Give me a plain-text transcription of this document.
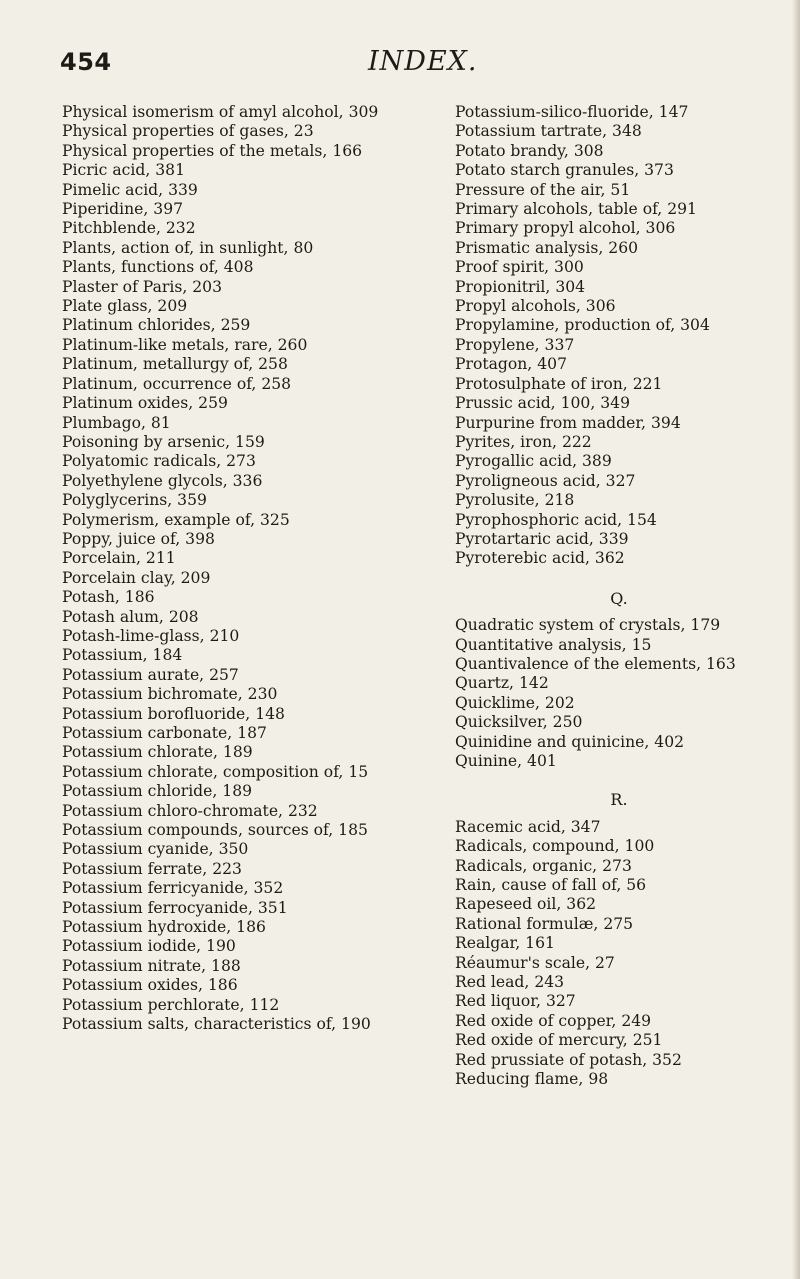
454	INDEX.
Physical isomerism of amyl alcohol, 309
Physical properties of gases, 23
Physical properties of the metals, 166
Picric acid, 381
Pimelic acid, 339
Piperidine, 397
Pitchblende, 232
Plants, action of, in sunlight, 80
Plants, functions of, 408
Plaster of Paris, 203
Plate glass, 209
Platinum chlorides, 259
Platinum-like metals, rare, 260
Platinum, metallurgy of, 258
Platinum, occurrence of, 258
Platinum oxides, 259
Plumbago, 81
Poisoning by arsenic, 159
Polyatomic radicals, 273
Polyethylene glycols, 336
Polyglycerins, 359
Polymerism, example of, 325
Poppy, juice of, 398
Porcelain, 211
Porcelain clay, 209
Potash, 186
Potash alum, 208
Potash-lime-glass, 210
Potassium, 184
Potassium aurate, 257
Potassium bichromate, 230
Potassium borofluoride, 148
Potassium carbonate, 187
Potassium chlorate, 189
Potassium chlorate, composition of, 15
Potassium chloride, 189
Potassium chloro-chromate, 232
Potassium compounds, sources of, 185
Potassium cyanide, 350
Potassium ferrate, 223
Potassium ferricyanide, 352
Potassium ferrocyanide, 351
Potassium hydroxide, 186
Potassium iodide, 190
Potassium nitrate, 188
Potassium oxides, 186
Potassium perchlorate, 112
Potassium salts, characteristics of, 190
Potassium-silico-fluoride, 147
Potassium tartrate, 348
Potato brandy, 308
Potato starch granules, 373
Pressure of the air, 51
Primary alcohols, table of, 291
Primary propyl alcohol, 306
Prismatic analysis, 260
Proof spirit, 300
Propionitril, 304
Propyl alcohols, 306
Propylamine, production of, 304
Propylene, 337
Protagon, 407
Protosulphate of iron, 221
Prussic acid, 100, 349
Purpurine from madder, 394
Pyrites, iron, 222
Pyrogallic acid, 389
Pyroligneous acid, 327
Pyrolusite, 218
Pyrophosphoric acid, 154
Pyrotartaric acid, 339
Pyroterebic acid, 362
Q.
Quadratic system of crystals, 179
Quantitative analysis, 15
Quantivalence of the elements, 163
Quartz, 142
Quicklime, 202
Quicksilver, 250
Quinidine and quinicine, 402
Quinine, 401
R.
Racemic acid, 347
Radicals, compound, 100
Radicals, organic, 273
Rain, cause of fall of, 56
Rapeseed oil, 362
Rational formulæ, 275
Realgar, 161
Réaumur's scale, 27
Red lead, 243
Red liquor, 327
Red oxide of copper, 249
Red oxide of mercury, 251
Red prussiate of potash, 352
Reducing flame, 98
